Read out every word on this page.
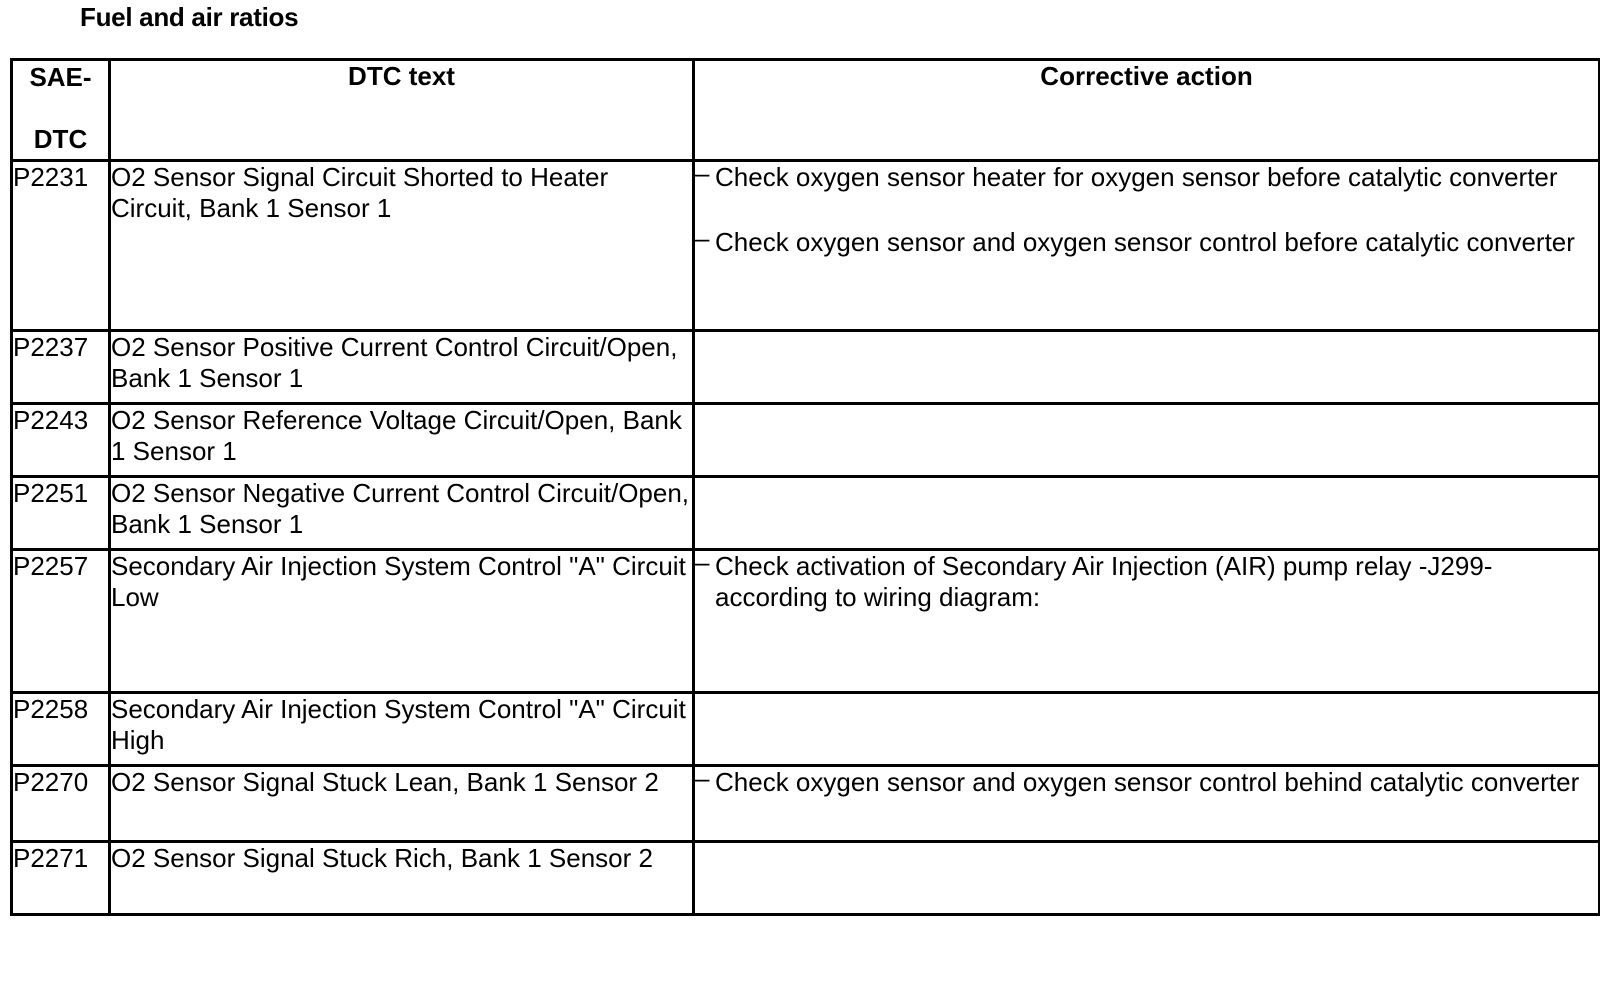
Fuel and air ratios
SAE-
DTC	DTC text	Corrective action
P2231	O2 Sensor Signal Circuit Shorted to Heater Circuit, Bank 1 Sensor 1	– Check oxygen sensor heater for oxygen sensor before catalytic converter
– Check oxygen sensor and oxygen sensor control before catalytic converter

P2237	O2 Sensor Positive Current Control Circuit/Open, Bank 1 Sensor 1	
P2243	O2 Sensor Reference Voltage Circuit/Open, Bank 1 Sensor 1	
P2251	O2 Sensor Negative Current Control Circuit/Open, Bank 1 Sensor 1	
P2257	Secondary Air Injection System Control "A" Circuit Low	– Check activation of Secondary Air Injection (AIR) pump relay -J299- according to wiring diagram:

P2258	Secondary Air Injection System Control "A" Circuit High	
P2270	O2 Sensor Signal Stuck Lean, Bank 1 Sensor 2	– Check oxygen sensor and oxygen sensor control behind catalytic converter

P2271	O2 Sensor Signal Stuck Rich, Bank 1 Sensor 2	
